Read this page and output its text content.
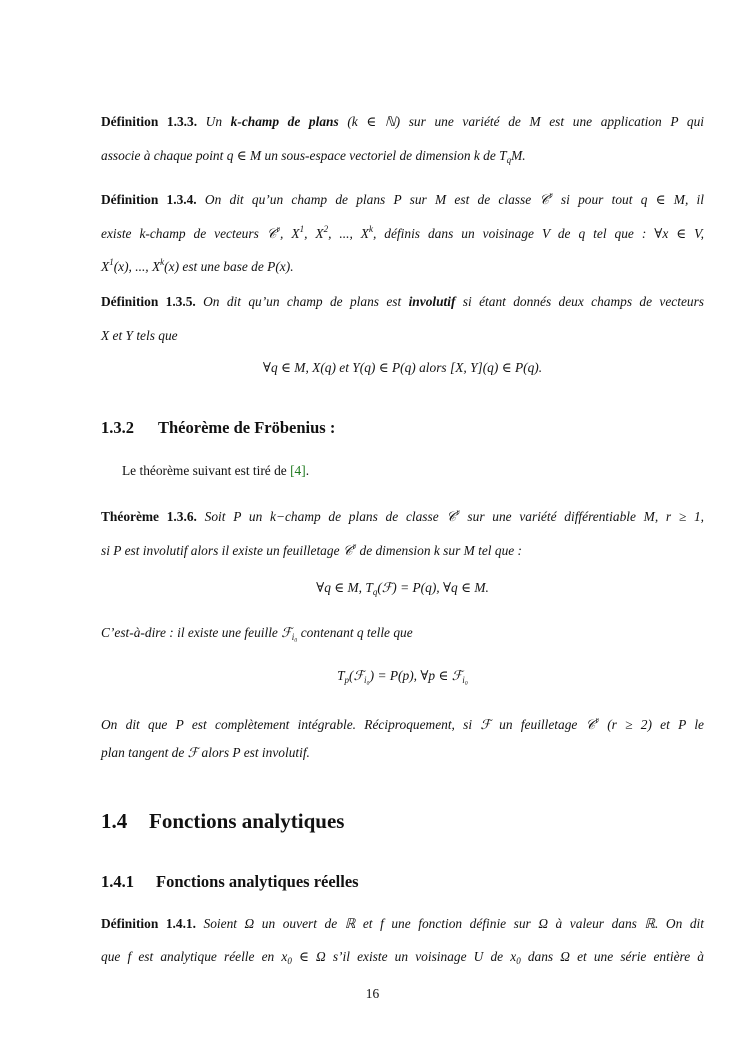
Définition 1.3.3. Un k-champ de plans (k ∈ ℕ) sur une variété de M est une application P qui
associe à chaque point q ∈ M un sous-espace vectoriel de dimension k de $T_qM$.
Définition 1.3.4. On dit qu’un champ de plans P sur M est de classe 𝒞$^r$ si pour tout q ∈ M, il
existe k-champ de vecteurs 𝒞$^r$, $X^1$, $X^2$, ..., $X^k$, définis dans un voisinage V de q tel que : ∀x ∈ V,
$X^1(x)$, ..., $X^k(x)$ est une base de P(x).
Définition 1.3.5. On dit qu’un champ de plans est involutif si étant donnés deux champs de vecteurs
X et Y tels que
∀q ∈ M, X(q) et Y(q) ∈ P(q) alors [X, Y](q) ∈ P(q).
1.3.2 Théorème de Fröbenius :
Le théorème suivant est tiré de [4].
Théorème 1.3.6. Soit P un k−champ de plans de classe 𝒞$^r$ sur une variété différentiable M, r ≥ 1,
si P est involutif alors il existe un feuilletage 𝒞$^r$ de dimension k sur M tel que :
∀q ∈ M, $T_q(ℱ) = P(q)$, ∀q ∈ M.
C’est-à-dire : il existe une feuille ℱ$_{i_0}$ contenant q telle que
$T_p(ℱ_{i_0}) = P(p)$, ∀p ∈ ℱ$_{i_0}$
On dit que P est complètement intégrable. Réciproquement, si ℱ un feuilletage 𝒞$^r$ (r ≥ 2) et P le
plan tangent de ℱ alors P est involutif.
1.4 Fonctions analytiques
1.4.1 Fonctions analytiques réelles
Définition 1.4.1. Soient Ω un ouvert de ℝ et f une fonction définie sur Ω à valeur dans ℝ. On dit
que f est analytique réelle en $x_0$ ∈ Ω s’il existe un voisinage U de $x_0$ dans Ω et une série entière à
16
